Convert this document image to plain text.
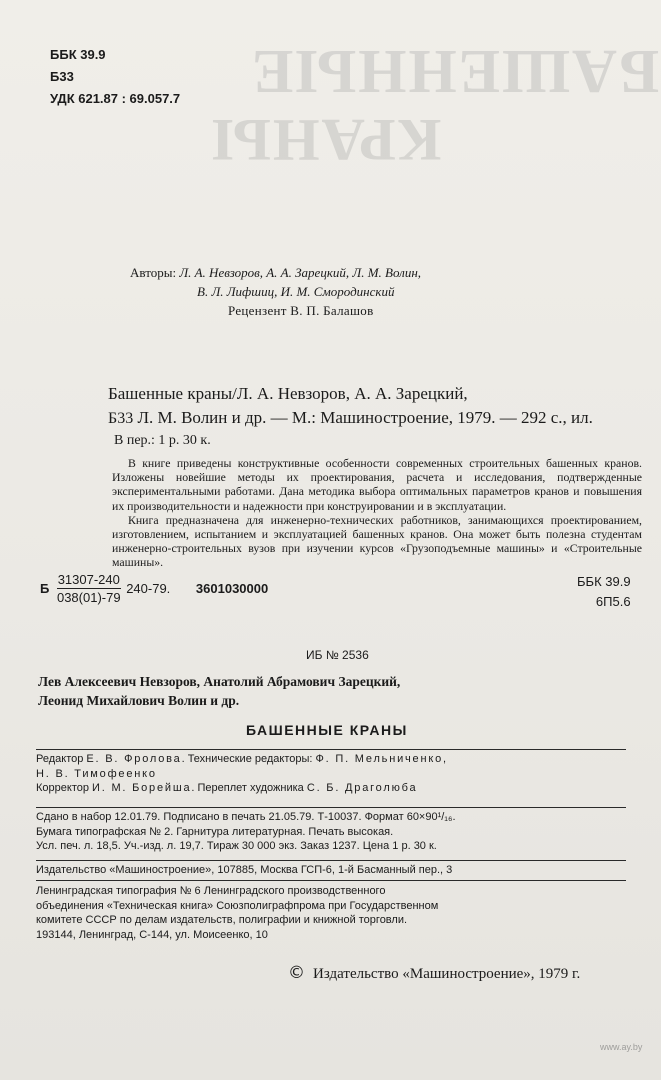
БАШЕННЫЕ
КРАНЫ
ББК 39.9
Б33
УДК 621.87 : 69.057.7
Авторы: Л. А. Невзоров, А. А. Зарецкий, Л. М. Волин,
В. Л. Лифшиц, И. М. Смородинский
Рецензент В. П. Балашов
Башенные краны/Л. А. Невзоров, А. А. Зарецкий,
Б33 Л. М. Волин и др. — М.: Машиностроение, 1979. — 292 с., ил.
В пер.: 1 р. 30 к.

В книге приведены конструктивные особенности современных строительных башенных кранов. Изложены новейшие методы их проектирования, расчета и исследования, подтвержденные экспериментальными работами. Дана методика выбора оптимальных параметров кранов и повышения их производительности и надежности при конструировании и в эксплуатации.

Книга предназначена для инженерно-технических работников, занимающихся проектированием, изготовлением, испытанием и эксплуатацией башенных кранов. Она может быть полезна студентам инженерно-строительных вузов при изучении курсов «Грузоподъемные машины» и «Строительные машины».

Б $\frac{31307-240}{038(01)-79} 240-79$. 3601030000	ББК 39.9
6П5.6
ИБ № 2536
Лев Алексеевич Невзоров, Анатолий Абрамович Зарецкий,
Леонид Михайлович Волин и др.
БАШЕННЫЕ КРАНЫ
Редактор Е. В. Фролова. Технические редакторы: Ф. П. Мельниченко,
Н. В. Тимофеенко
Корректор И. М. Борейша. Переплет художника С. Б. Драголюба
Сдано в набор 12.01.79. Подписано в печать 21.05.79. Т-10037. Формат 60×90¹/₁₆.
Бумага типографская № 2. Гарнитура литературная. Печать высокая.
Усл. печ. л. 18,5. Уч.-изд. л. 19,7. Тираж 30 000 экз. Заказ 1237. Цена 1 р. 30 к.
Издательство «Машиностроение», 107885, Москва ГСП-6, 1-й Басманный пер., 3
Ленинградская типография № 6 Ленинградского производственного
объединения «Техническая книга» Союзполиграфпрома при Государственном
комитете СССР по делам издательств, полиграфии и книжной торговли.
193144, Ленинград, С-144, ул. Моисеенко, 10
© Издательство «Машиностроение», 1979 г.
www.ay.by
